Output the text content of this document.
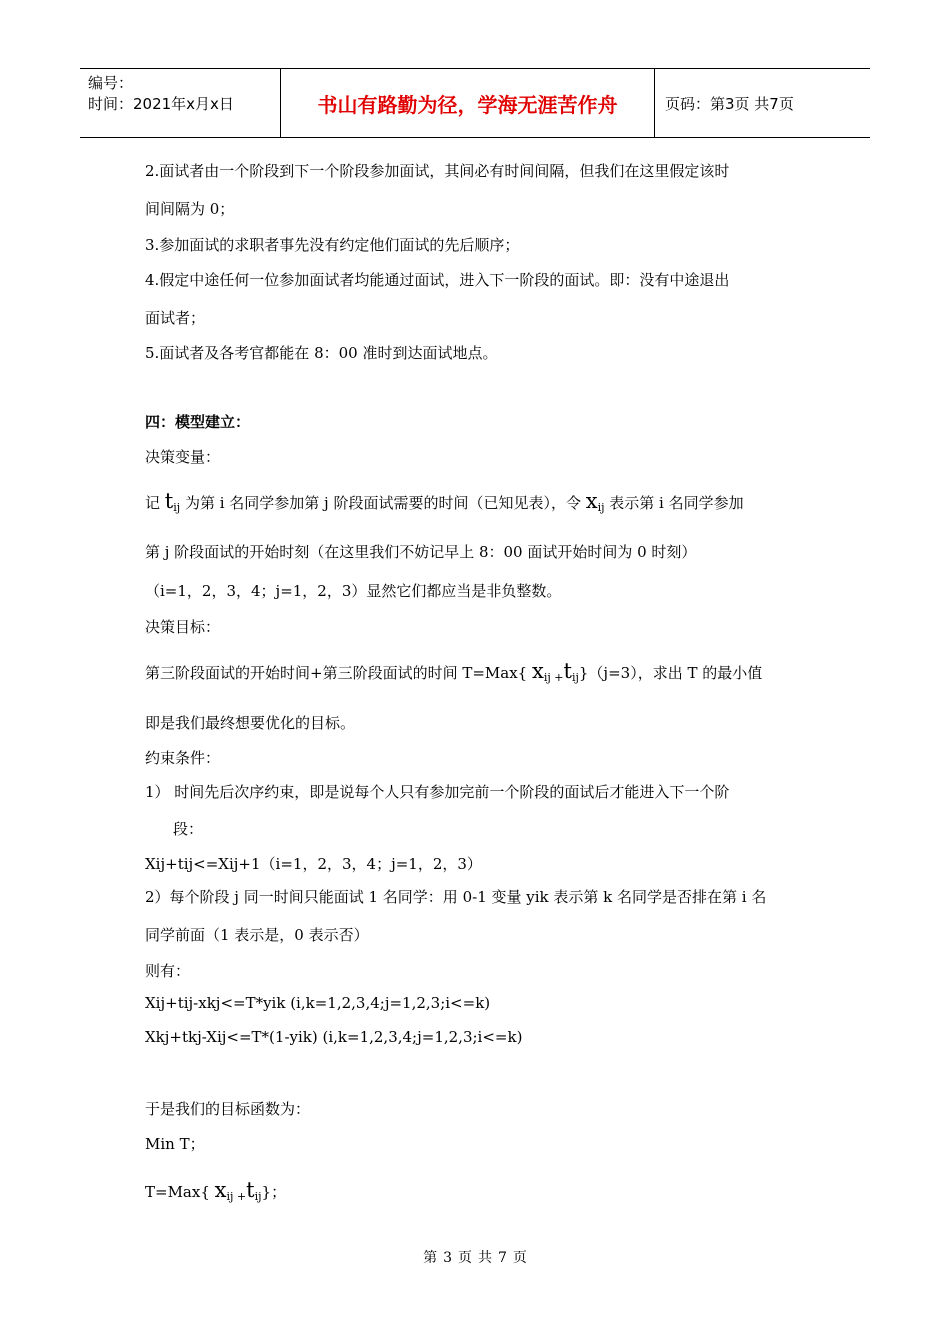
编号：
时间：2021年x月x日	书山有路勤为径，学海无涯苦作舟	页码：第3页 共7页
2.面试者由一个阶段到下一个阶段参加面试，其间必有时间间隔，但我们在这里假定该时
间间隔为 0；
3.参加面试的求职者事先没有约定他们面试的先后顺序；
4.假定中途任何一位参加面试者均能通过面试，进入下一阶段的面试。即：没有中途退出
面试者；
5.面试者及各考官都能在 8：00 准时到达面试地点。
四：模型建立：
决策变量：
记 $t_{ij}$ 为第 i 名同学参加第 j 阶段面试需要的时间（已知见表），令 $x_{ij}$ 表示第 i 名同学参加
第 j 阶段面试的开始时刻（在这里我们不妨记早上 8：00 面试开始时间为 0 时刻）
（i=1，2，3，4；j=1，2，3）显然它们都应当是非负整数。
决策目标：
第三阶段面试的开始时间+第三阶段面试的时间 T=Max{ $x_{ij}$ $_+t_{ij}\}(j=3)$，求出 T 的最小值
即是我们最终想要优化的目标。
约束条件：
1） 时间先后次序约束，即是说每个人只有参加完前一个阶段的面试后才能进入下一个阶
段：
Xij+tij<=Xij+1（i=1，2，3，4；j=1，2，3）
2）每个阶段 j 同一时间只能面试 1 名同学：用 0-1 变量 yik 表示第 k 名同学是否排在第 i 名
同学前面（1 表示是，0 表示否）
则有：
Xij+tij-xkj<=T*yik (i,k=1,2,3,4;j=1,2,3;i<=k)
Xkj+tkj-Xij<=T*(1-yik) (i,k=1,2,3,4;j=1,2,3;i<=k)
于是我们的目标函数为：
Min T；
T=Max{ $x_{ij}$ $_+t_{ij}$}；
第 3 页 共 7 页
